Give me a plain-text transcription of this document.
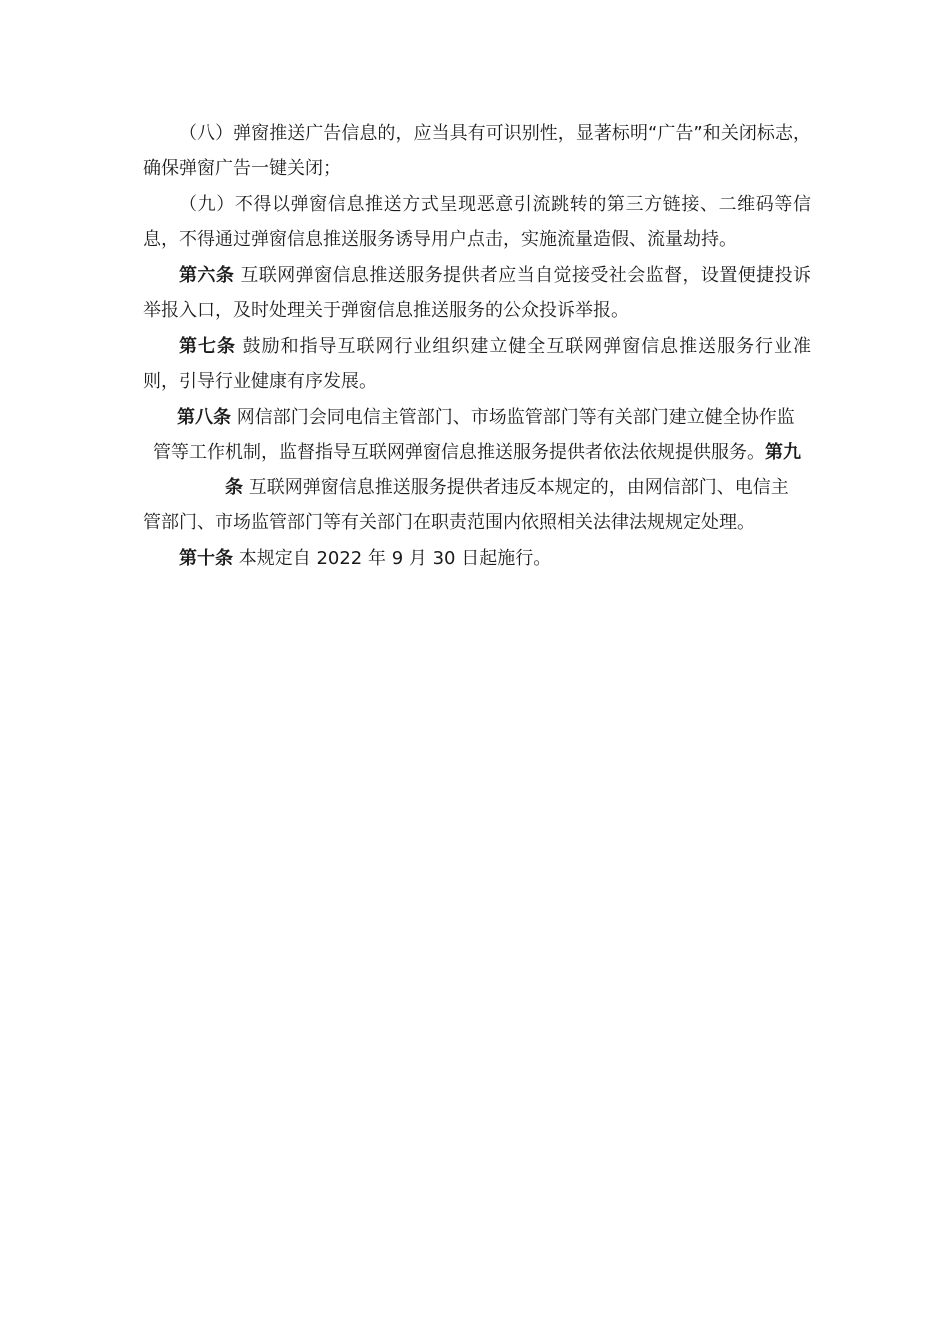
（八）弹窗推送广告信息的，应当具有可识别性，显著标明“广告”和关闭标志，确保弹窗广告一键关闭；

（九）不得以弹窗信息推送方式呈现恶意引流跳转的第三方链接、二维码等信息，不得通过弹窗信息推送服务诱导用户点击，实施流量造假、流量劫持。

第六条 互联网弹窗信息推送服务提供者应当自觉接受社会监督，设置便捷投诉举报入口，及时处理关于弹窗信息推送服务的公众投诉举报。

第七条 鼓励和指导互联网行业组织建立健全互联网弹窗信息推送服务行业准则，引导行业健康有序发展。

第八条 网信部门会同电信主管部门、市场监管部门等有关部门建立健全协作监
管等工作机制，监督指导互联网弹窗信息推送服务提供者依法依规提供服务。第九
条 互联网弹窗信息推送服务提供者违反本规定的，由网信部门、电信主
管部门、市场监管部门等有关部门在职责范围内依照相关法律法规规定处理。

第十条 本规定自 2022 年 9 月 30 日起施行。
